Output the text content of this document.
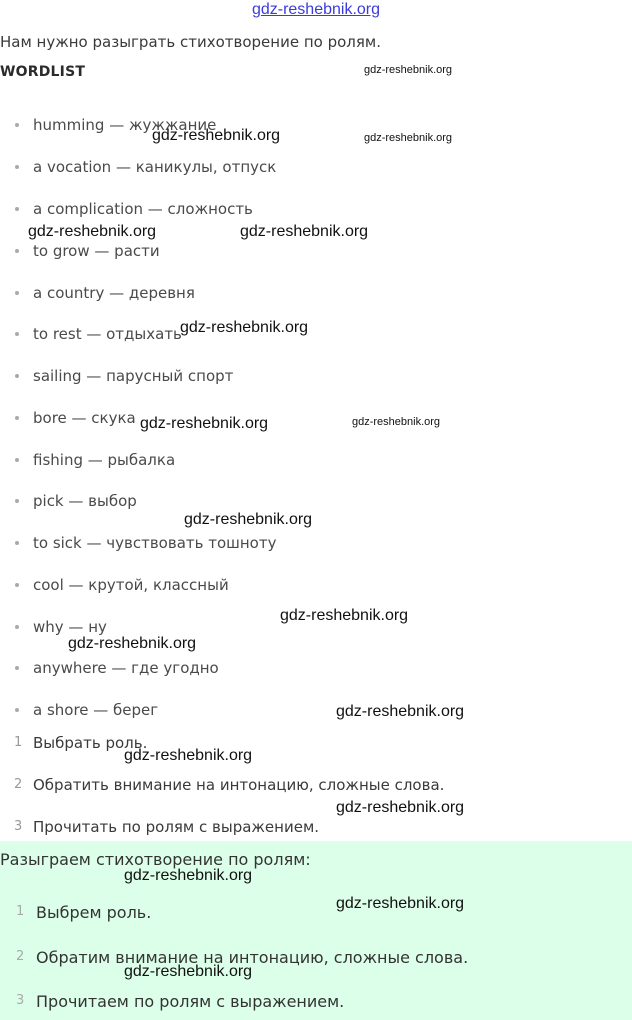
gdz-reshebnik.org
Нам нужно разыграть стихотворение по ролям.
WORDLIST
humming — жужжание
a vocation — каникулы, отпуск
a complication — сложность
to grow — расти
a country — деревня
to rest — отдыхать
sailing — парусный спорт
bore — скука
fishing — рыбалка
pick — выбор
to sick — чувствовать тошноту
cool — крутой, классный
why — ну
anywhere — где угодно
a shore — берег
1 Выбрать роль.
2 Обратить внимание на интонацию, сложные слова.
3 Прочитать по ролям с выражением.
Разыграем стихотворение по ролям:
1 Выбрем роль.
2 Обратим внимание на интонацию, сложные слова.
3 Прочитаем по ролям с выражением.
gdz-reshebnik.org
gdz-reshebnik.org	gdz-reshebnik.org
gdz-reshebnik.org	gdz-reshebnik.org
gdz-reshebnik.org
gdz-reshebnik.org	gdz-reshebnik.org
gdz-reshebnik.org
gdz-reshebnik.org
gdz-reshebnik.org
gdz-reshebnik.org
gdz-reshebnik.org
gdz-reshebnik.org
gdz-reshebnik.org
gdz-reshebnik.org
gdz-reshebnik.org
